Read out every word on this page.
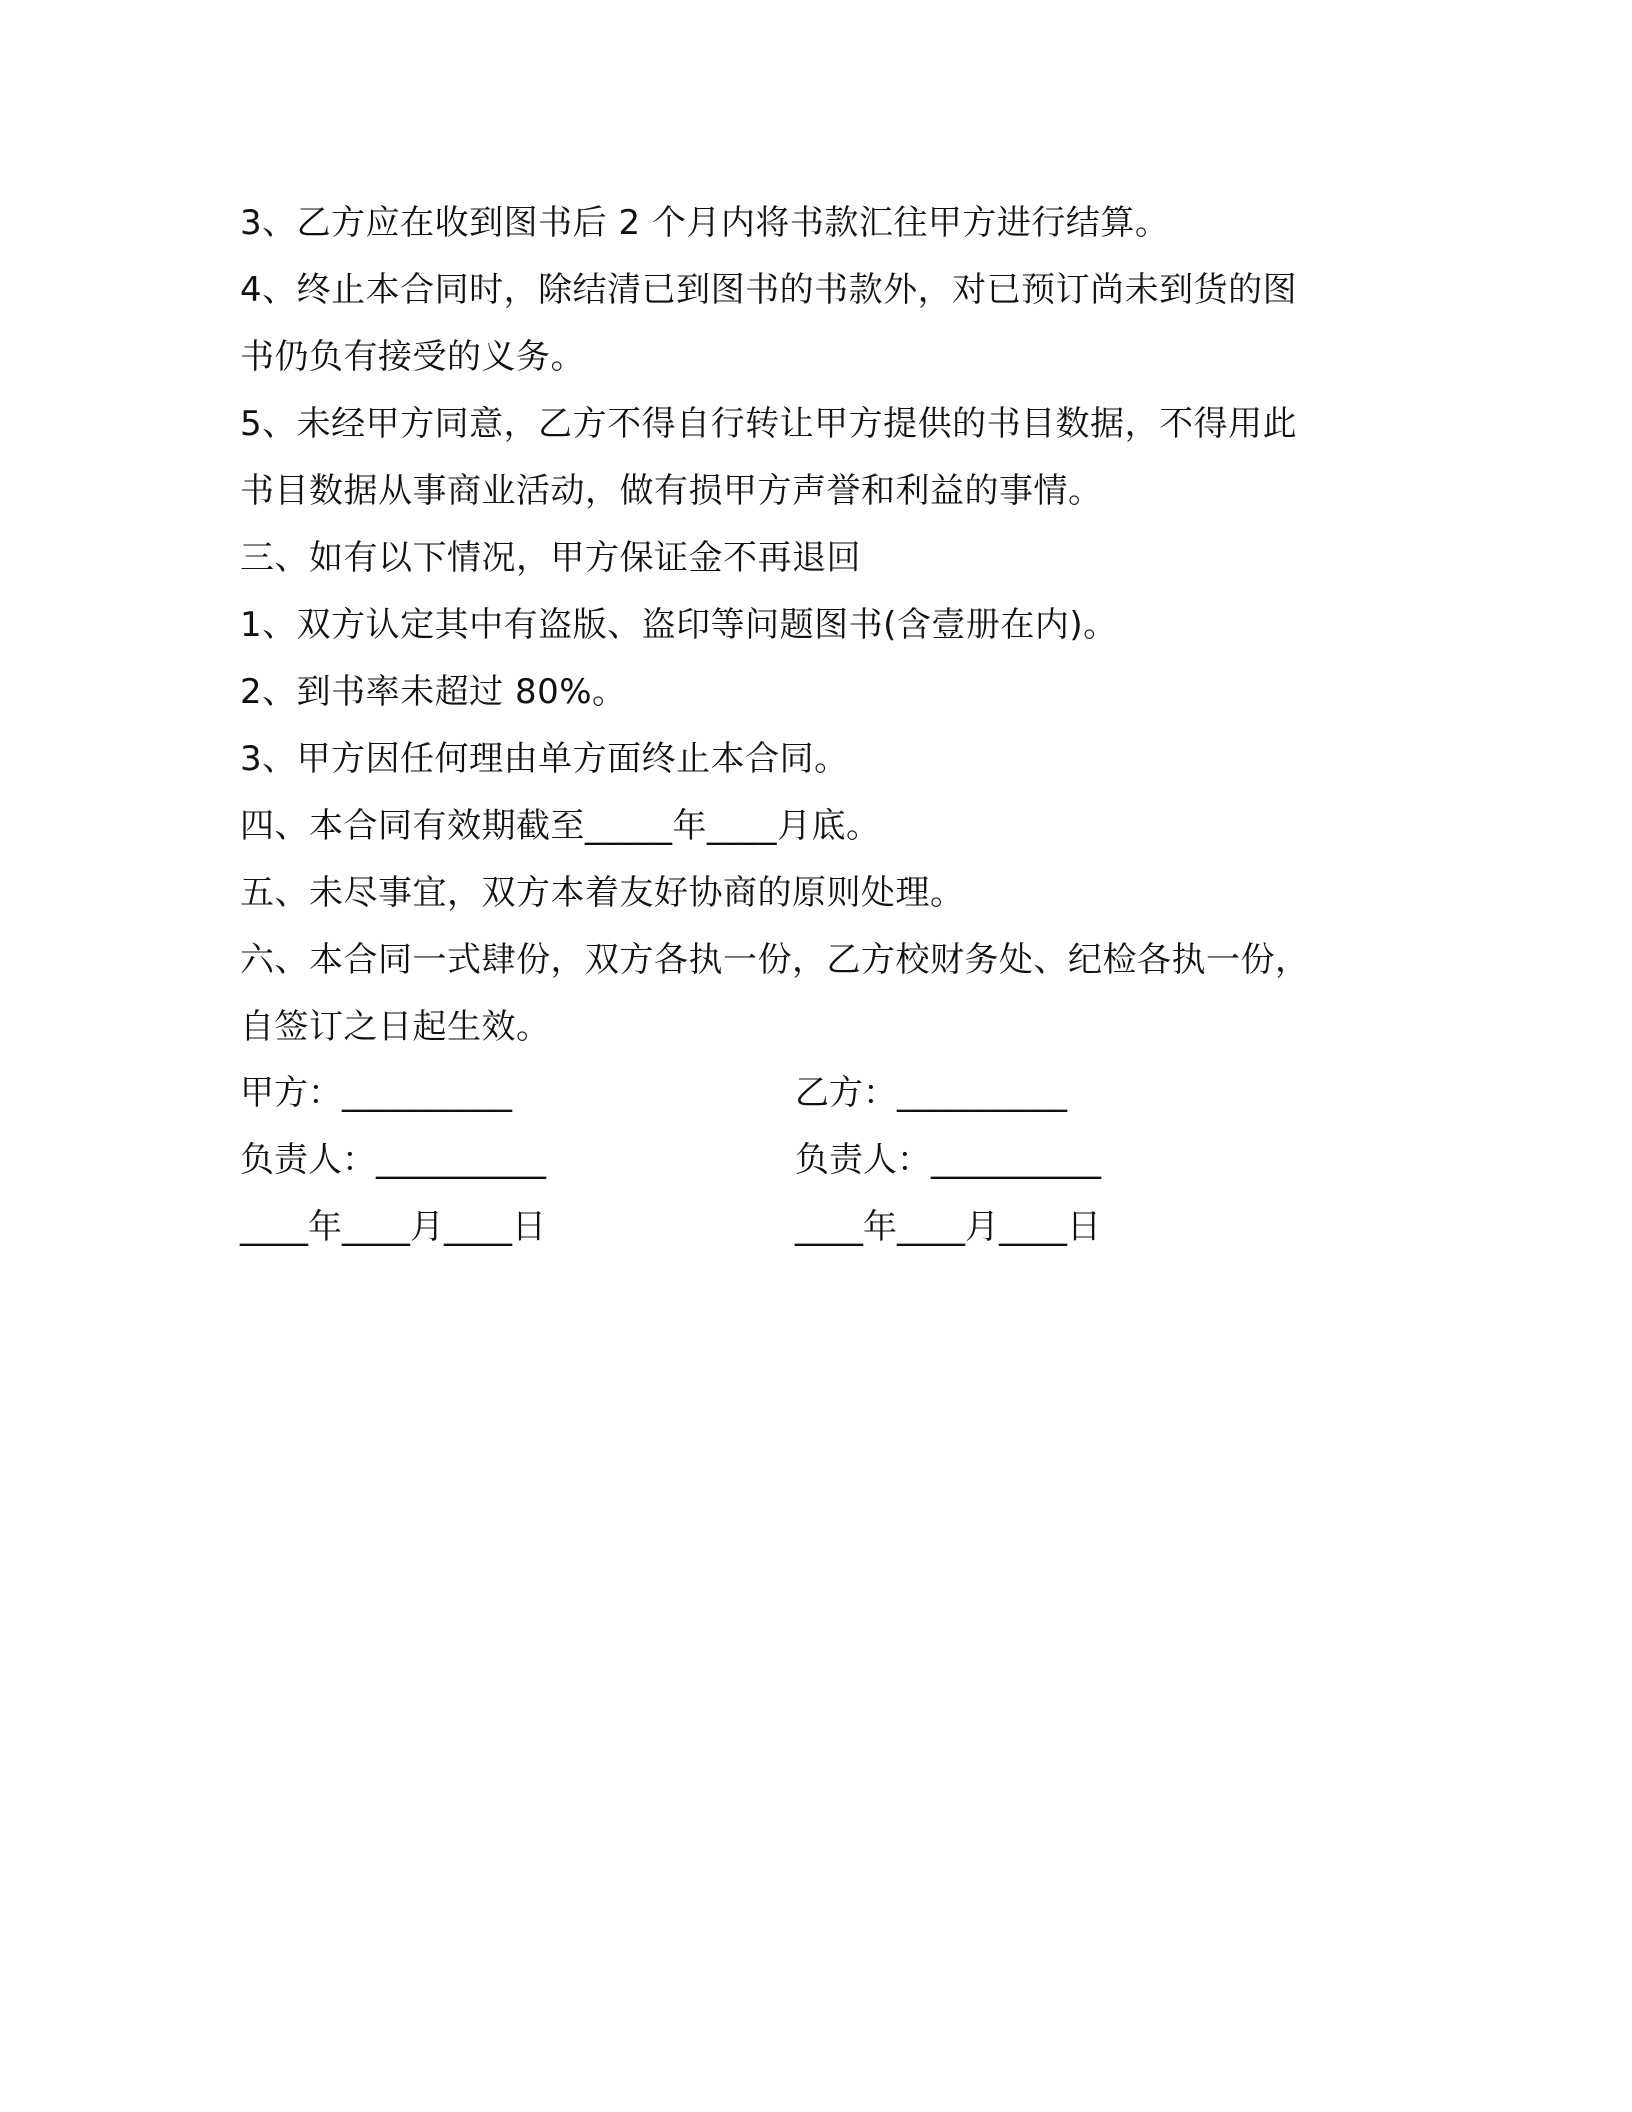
3、乙方应在收到图书后 2 个月内将书款汇往甲方进行结算。
4、终止本合同时，除结清已到图书的书款外，对已预订尚未到货的图
书仍负有接受的义务。
5、未经甲方同意，乙方不得自行转让甲方提供的书目数据，不得用此
书目数据从事商业活动，做有损甲方声誉和利益的事情。
三、如有以下情况，甲方保证金不再退回
1、双方认定其中有盗版、盗印等问题图书(含壹册在内)。
2、到书率未超过 80%。
3、甲方因任何理由单方面终止本合同。
四、本合同有效期截至_____年____月底。
五、未尽事宜，双方本着友好协商的原则处理。
六、本合同一式肆份，双方各执一份，乙方校财务处、纪检各执一份，
自签订之日起生效。
甲方：__________	乙方：__________
负责人：__________	负责人：__________
____年____月____日	____年____月____日
